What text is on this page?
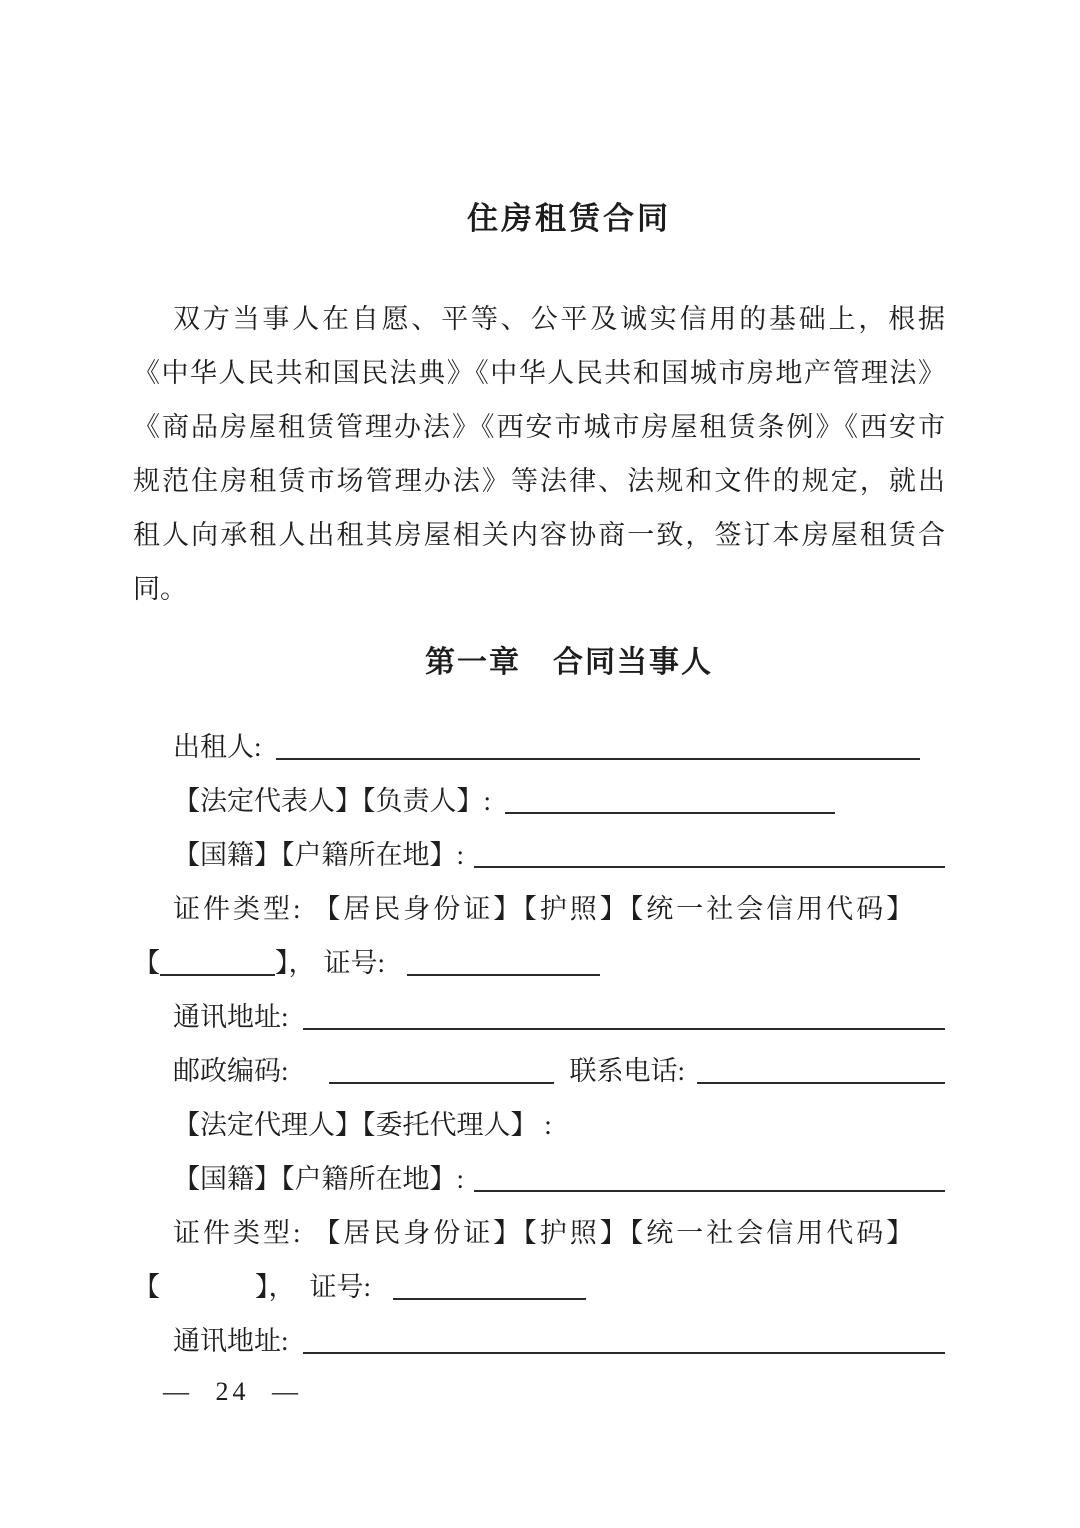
住房租赁合同
双方当事人在自愿、平等、公平及诚实信用的基础上，根据
《中华人民共和国民法典》《中华人民共和国城市房地产管理法》
《商品房屋租赁管理办法》《西安市城市房屋租赁条例》《西安市
规范住房租赁市场管理办法》等法律、法规和文件的规定，就出
租人向承租人出租其房屋相关内容协商一致，签订本房屋租赁合
同。
第一章　合同当事人
出租人:
【法定代表人】【负责人】:
【国籍】【户籍所在地】:
证件类型: 【居民身份证】【护照】【统一社会信用代码】
【	】， 证号:
通讯地址:
邮政编码:	联系电话:
【法定代理人】【委托代理人】 :
【国籍】【户籍所在地】:
证件类型: 【居民身份证】【护照】【统一社会信用代码】
【	】， 证号:
通讯地址:
— 24 —
